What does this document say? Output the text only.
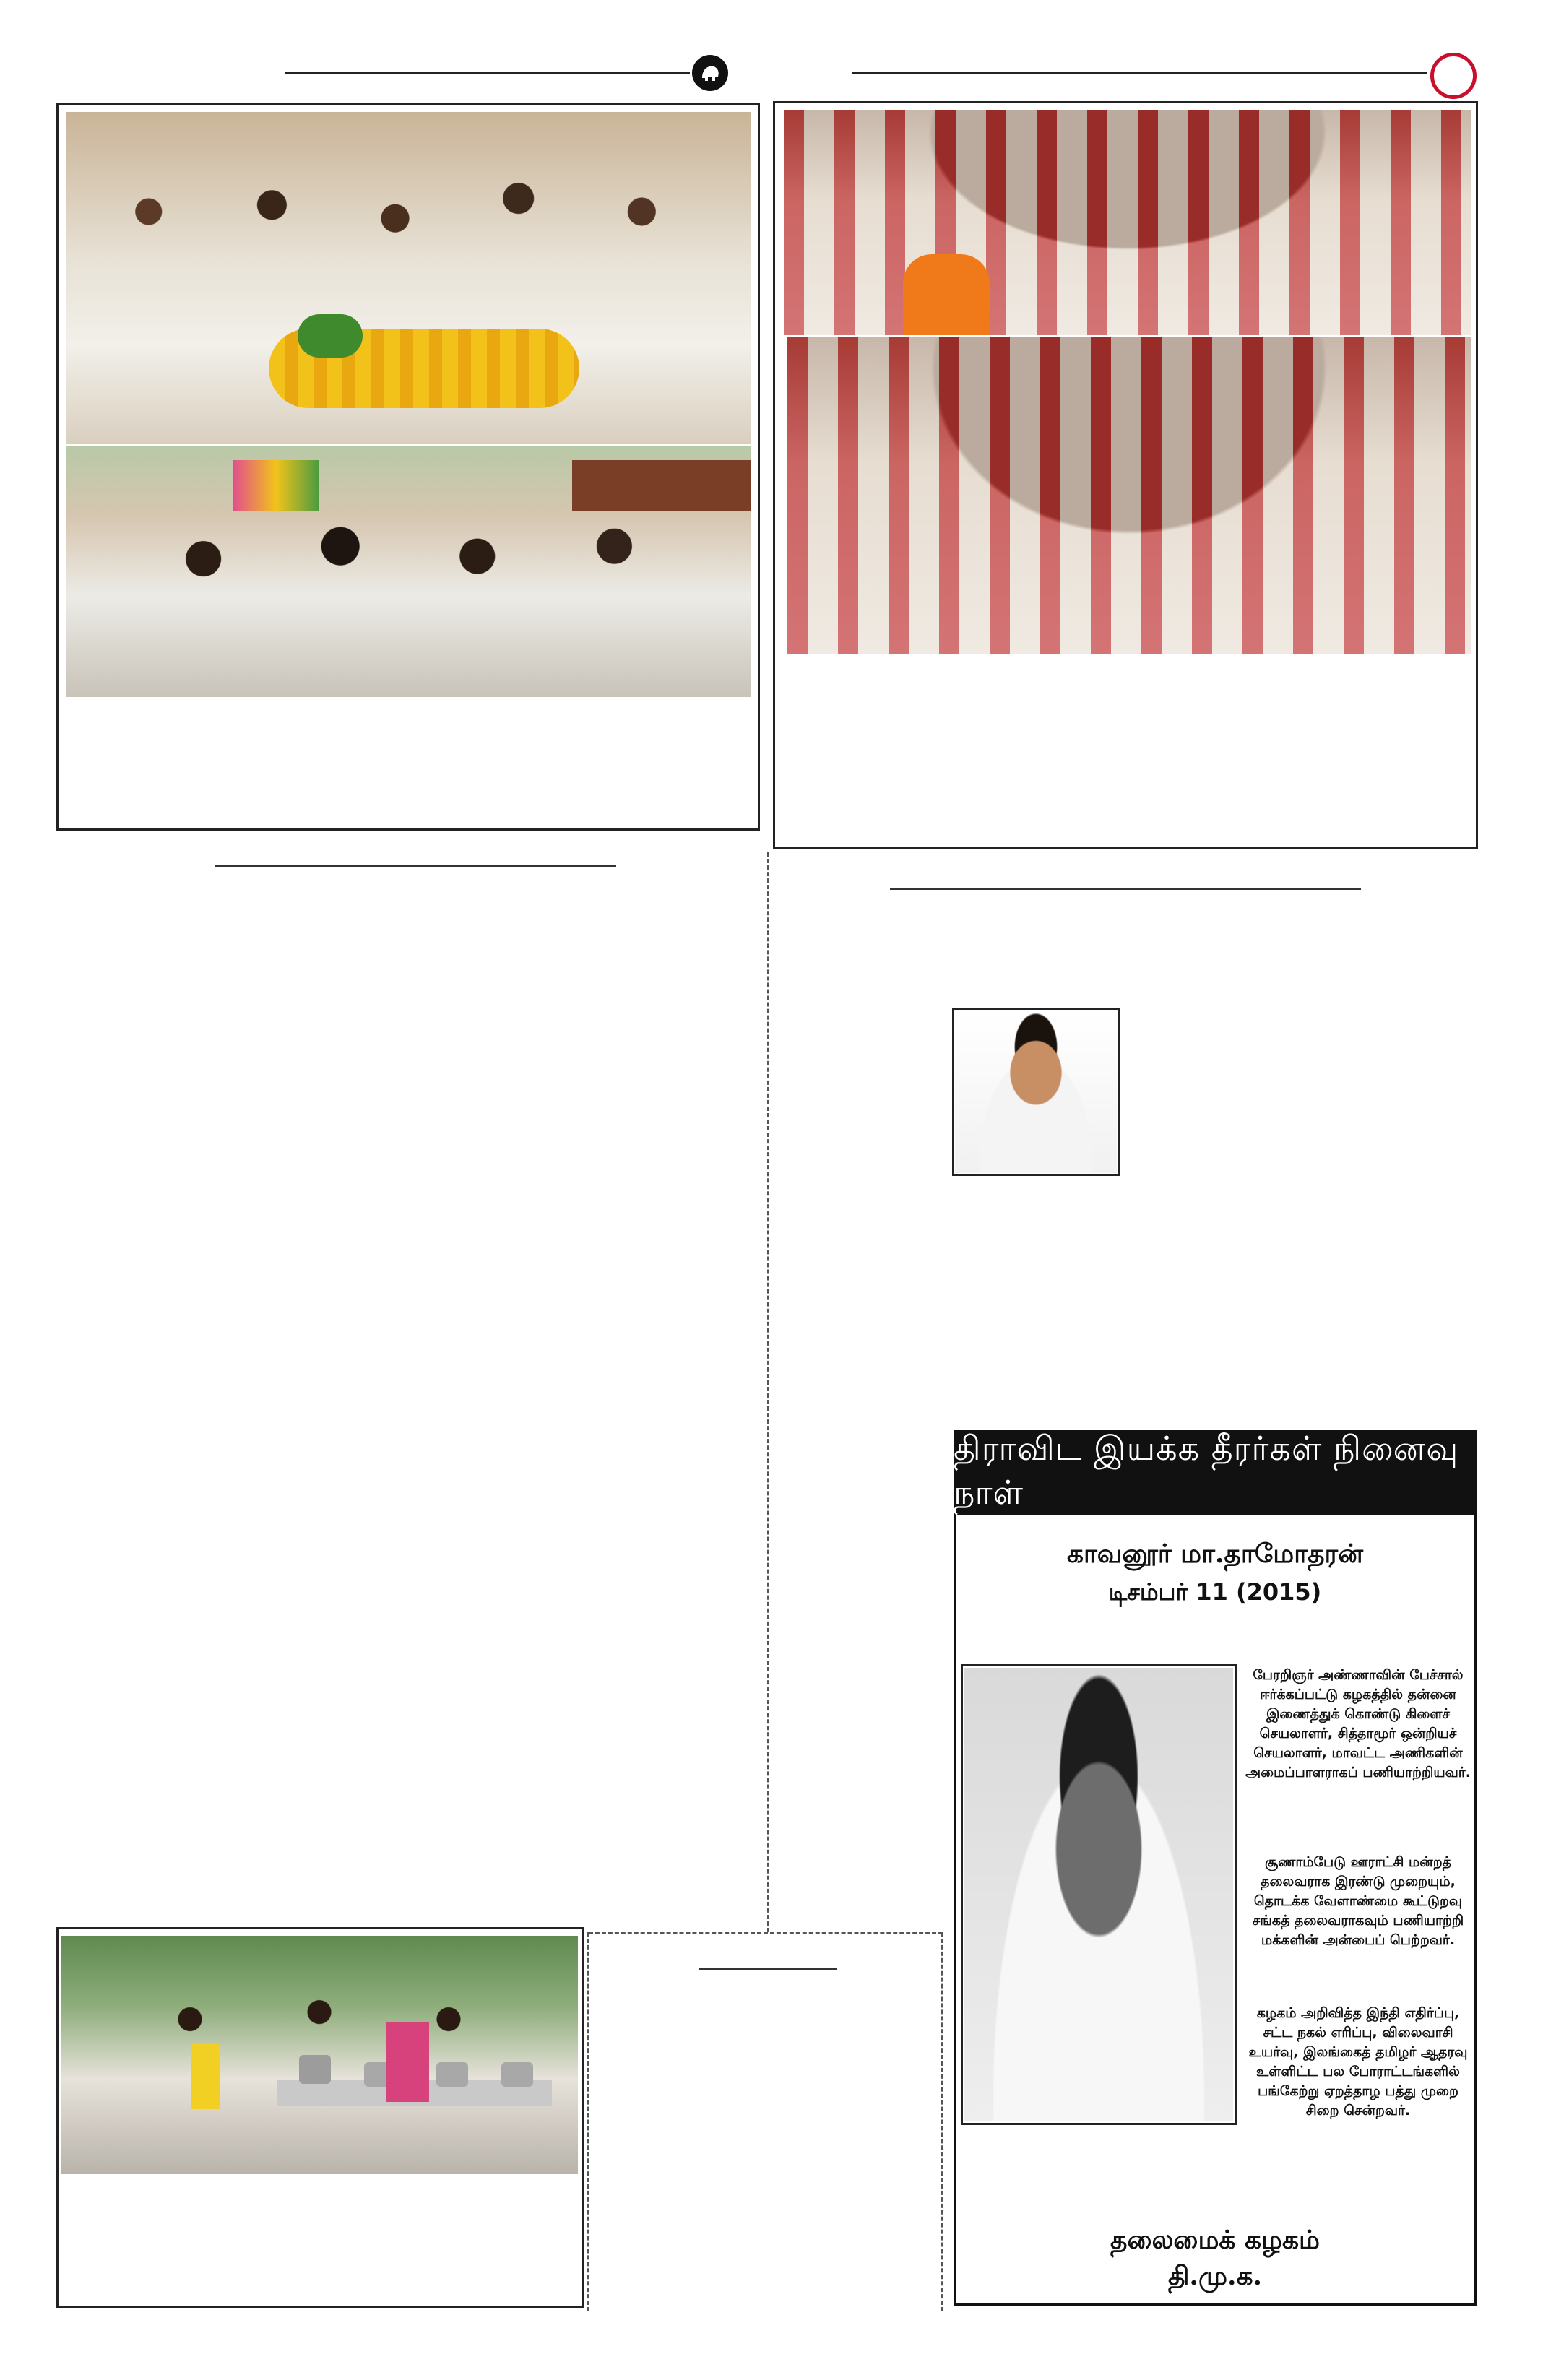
திராவிட இயக்க தீரர்கள் நினைவு நாள்
காவனூர் மா.தாமோதரன்
டிசம்பர் 11 (2015)
பேரறிஞர் அண்ணாவின் பேச்சால் ஈர்க்கப்பட்டு கழகத்தில் தன்னை இணைத்துக் கொண்டு கிளைச் செயலாளர், சித்தாமூர் ஒன்றியச் செயலாளர், மாவட்ட அணிகளின் அமைப்பாளராகப் பணியாற்றியவர்.
சூணாம்பேடு ஊராட்சி மன்றத் தலைவராக இரண்டு முறையும், தொடக்க வேளாண்மை கூட்டுறவு சங்கத் தலைவராகவும் பணியாற்றி மக்களின் அன்பைப் பெற்றவர்.
கழகம் அறிவித்த இந்தி எதிர்ப்பு, சட்ட நகல் எரிப்பு, விலைவாசி உயர்வு, இலங்கைத் தமிழர் ஆதரவு உள்ளிட்ட பல போராட்டங்களில் பங்கேற்று ஏறத்தாழ பத்து முறை சிறை சென்றவர்.
தலைமைக் கழகம்
தி.மு.க.
